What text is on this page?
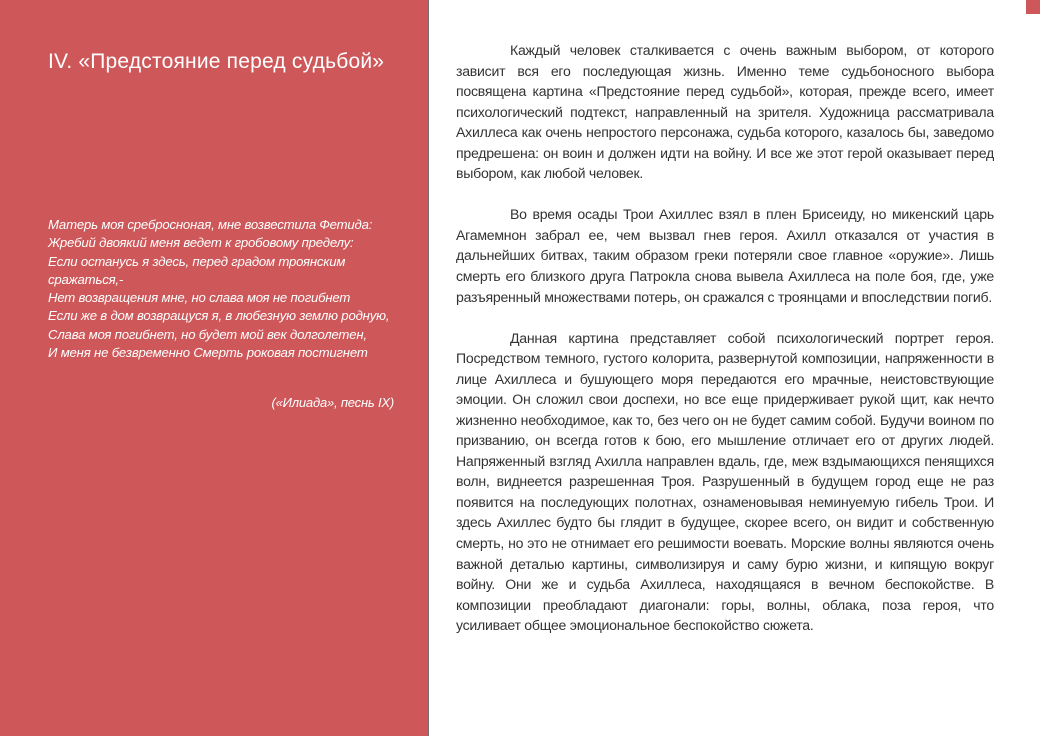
IV. «Предстояние перед судьбой»
Матерь моя сребросноная, мне возвестила Фетида:
Жребий двоякий меня ведет к гробовому пределу:
Если останусь я здесь, перед градом троянским сражаться,-
Нет возвращения мне, но слава моя не погибнет
Если же в дом возвращуся я, в любезную землю родную,
Слава моя погибнет, но будет мой век долголетен,
И меня не безвременно Смерть роковая постигнет
(«Илиада», песнь IX)

Каждый человек сталкивается с очень важным выбором, от которого зависит вся его последующая жизнь. Именно теме судьбоносного выбора посвящена картина «Предстояние перед судьбой», которая, прежде всего, имеет психологический подтекст, направленный на зрителя. Художница рассматривала Ахиллеса как очень непростого персонажа, судьба которого, казалось бы, заведомо предрешена: он воин и должен идти на войну. И все же этот герой оказывает перед выбором, как любой человек.

Во время осады Трои Ахиллес взял в плен Брисеиду, но микенский царь Агамемнон забрал ее, чем вызвал гнев героя. Ахилл отказался от участия в дальнейших битвах, таким образом греки потеряли свое главное «оружие». Лишь смерть его близкого друга Патрокла снова вывела Ахиллеса на поле боя, где, уже разъяренный множествами потерь, он сражался с троянцами и впоследствии погиб.

Данная картина представляет собой психологический портрет героя. Посредством темного, густого колорита, развернутой композиции, напряженности в лице Ахиллеса и бушующего моря передаются его мрачные, неистовствующие эмоции. Он сложил свои доспехи, но все еще придерживает рукой щит, как нечто жизненно необходимое, как то, без чего он не будет самим собой. Будучи воином по призванию, он всегда готов к бою, его мышление отличает его от других людей. Напряженный взгляд Ахилла направлен вдаль, где, меж вздымающихся пенящихся волн, виднеется разрешенная Троя. Разрушенный в будущем город еще не раз появится на последующих полотнах, ознаменовывая неминуемую гибель Трои. И здесь Ахиллес будто бы глядит в будущее, скорее всего, он видит и собственную смерть, но это не отнимает его решимости воевать. Морские волны являются очень важной деталью картины, символизируя и саму бурю жизни, и кипящую вокруг войну. Они же и судьба Ахиллеса, находящаяся в вечном беспокойстве. В композиции преобладают диагонали: горы, волны, облака, поза героя, что усиливает общее эмоциональное беспокойство сюжета.
